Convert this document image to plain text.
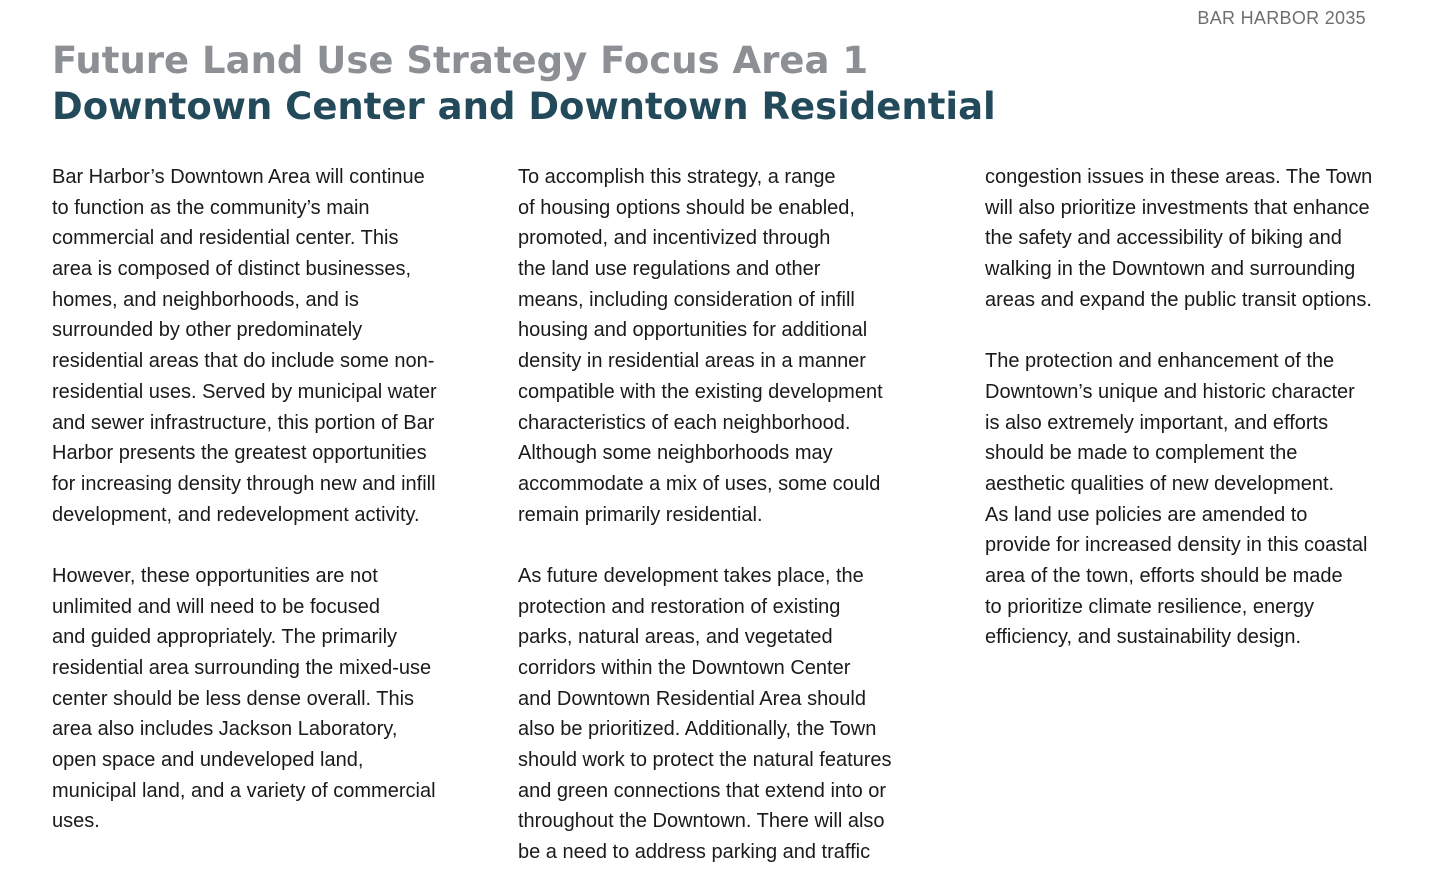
BAR HARBOR 2035
Future Land Use Strategy Focus Area 1
Downtown Center and Downtown Residential
Bar Harbor’s Downtown Area will continue
to function as the community’s main
commercial and residential center. This
area is composed of distinct businesses,
homes, and neighborhoods, and is
surrounded by other predominately
residential areas that do include some non-
residential uses. Served by municipal water
and sewer infrastructure, this portion of Bar
Harbor presents the greatest opportunities
for increasing density through new and infill
development, and redevelopment activity.
However, these opportunities are not
unlimited and will need to be focused
and guided appropriately. The primarily
residential area surrounding the mixed-use
center should be less dense overall. This
area also includes Jackson Laboratory,
open space and undeveloped land,
municipal land, and a variety of commercial
uses.
To accomplish this strategy, a range
of housing options should be enabled,
promoted, and incentivized through
the land use regulations and other
means, including consideration of infill
housing and opportunities for additional
density in residential areas in a manner
compatible with the existing development
characteristics of each neighborhood.
Although some neighborhoods may
accommodate a mix of uses, some could
remain primarily residential.
As future development takes place, the
protection and restoration of existing
parks, natural areas, and vegetated
corridors within the Downtown Center
and Downtown Residential Area should
also be prioritized. Additionally, the Town
should work to protect the natural features
and green connections that extend into or
throughout the Downtown. There will also
be a need to address parking and traffic
congestion issues in these areas. The Town
will also prioritize investments that enhance
the safety and accessibility of biking and
walking in the Downtown and surrounding
areas and expand the public transit options.
The protection and enhancement of the
Downtown’s unique and historic character
is also extremely important, and efforts
should be made to complement the
aesthetic qualities of new development.
As land use policies are amended to
provide for increased density in this coastal
area of the town, efforts should be made
to prioritize climate resilience, energy
efficiency, and sustainability design.
